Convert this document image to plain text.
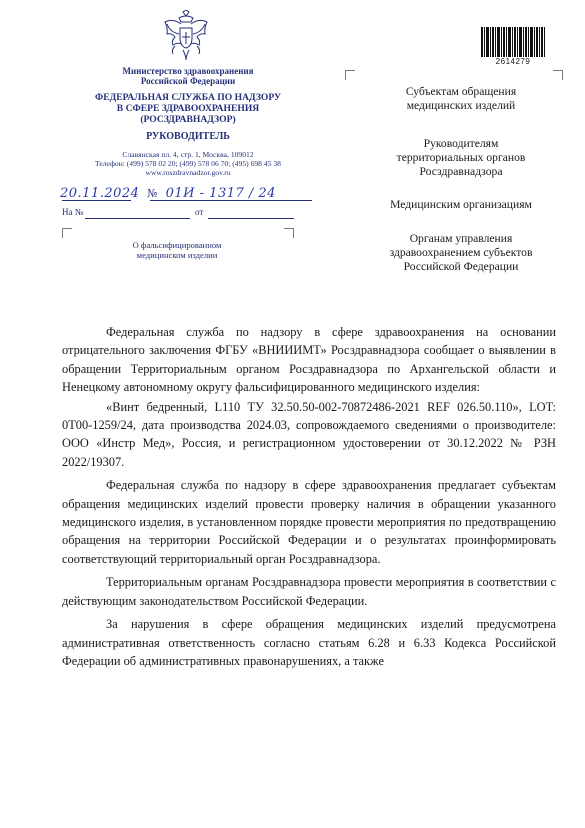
2614279
Министерство здравоохранения
Российской Федерации
ФЕДЕРАЛЬНАЯ СЛУЖБА ПО НАДЗОРУ
В СФЕРЕ ЗДРАВООХРАНЕНИЯ
(РОСЗДРАВНАДЗОР)
РУКОВОДИТЕЛЬ
Славянская пл. 4, стр. 1, Москва, 109012
Телефон: (499) 578 02 20; (499) 578 06 70; (495) 698 45 38
www.roszdravnadzor.gov.ru
20.11.2024 № 01И - 1317 / 24
На №	от
О фальсифицированном
медицинском изделии
Субъектам обращения
медицинских изделий
Руководителям
территориальных органов
Росздравнадзора
Медицинским организациям
Органам управления
здравоохранением субъектов
Российской Федерации

Федеральная служба по надзору в сфере здравоохранения на основании отрицательного заключения ФГБУ «ВНИИИМТ» Росздравнадзора сообщает о выявлении в обращении Территориальным органом Росздравнадзора по Архангельской области и Ненецкому автономному округу фальсифицированного медицинского изделия:

«Винт бедренный, L110 ТУ 32.50.50-002-70872486-2021 REF 026.50.110», LOT: 0T00-1259/24, дата производства 2024.03, сопровождаемого сведениями о производителе: ООО «Инстр Мед», Россия, и регистрационном удостоверении от 30.12.2022 № РЗН 2022/19307.

Федеральная служба по надзору в сфере здравоохранения предлагает субъектам обращения медицинских изделий провести проверку наличия в обращении указанного медицинского изделия, в установленном порядке провести мероприятия по предотвращению обращения на территории Российской Федерации и о результатах проинформировать соответствующий территориальный орган Росздравнадзора.

Территориальным органам Росздравнадзора провести мероприятия в соответствии с действующим законодательством Российской Федерации.

За нарушения в сфере обращения медицинских изделий предусмотрена административная ответственность согласно статьям 6.28 и 6.33 Кодекса Российской Федерации об административных правонарушениях, а также
